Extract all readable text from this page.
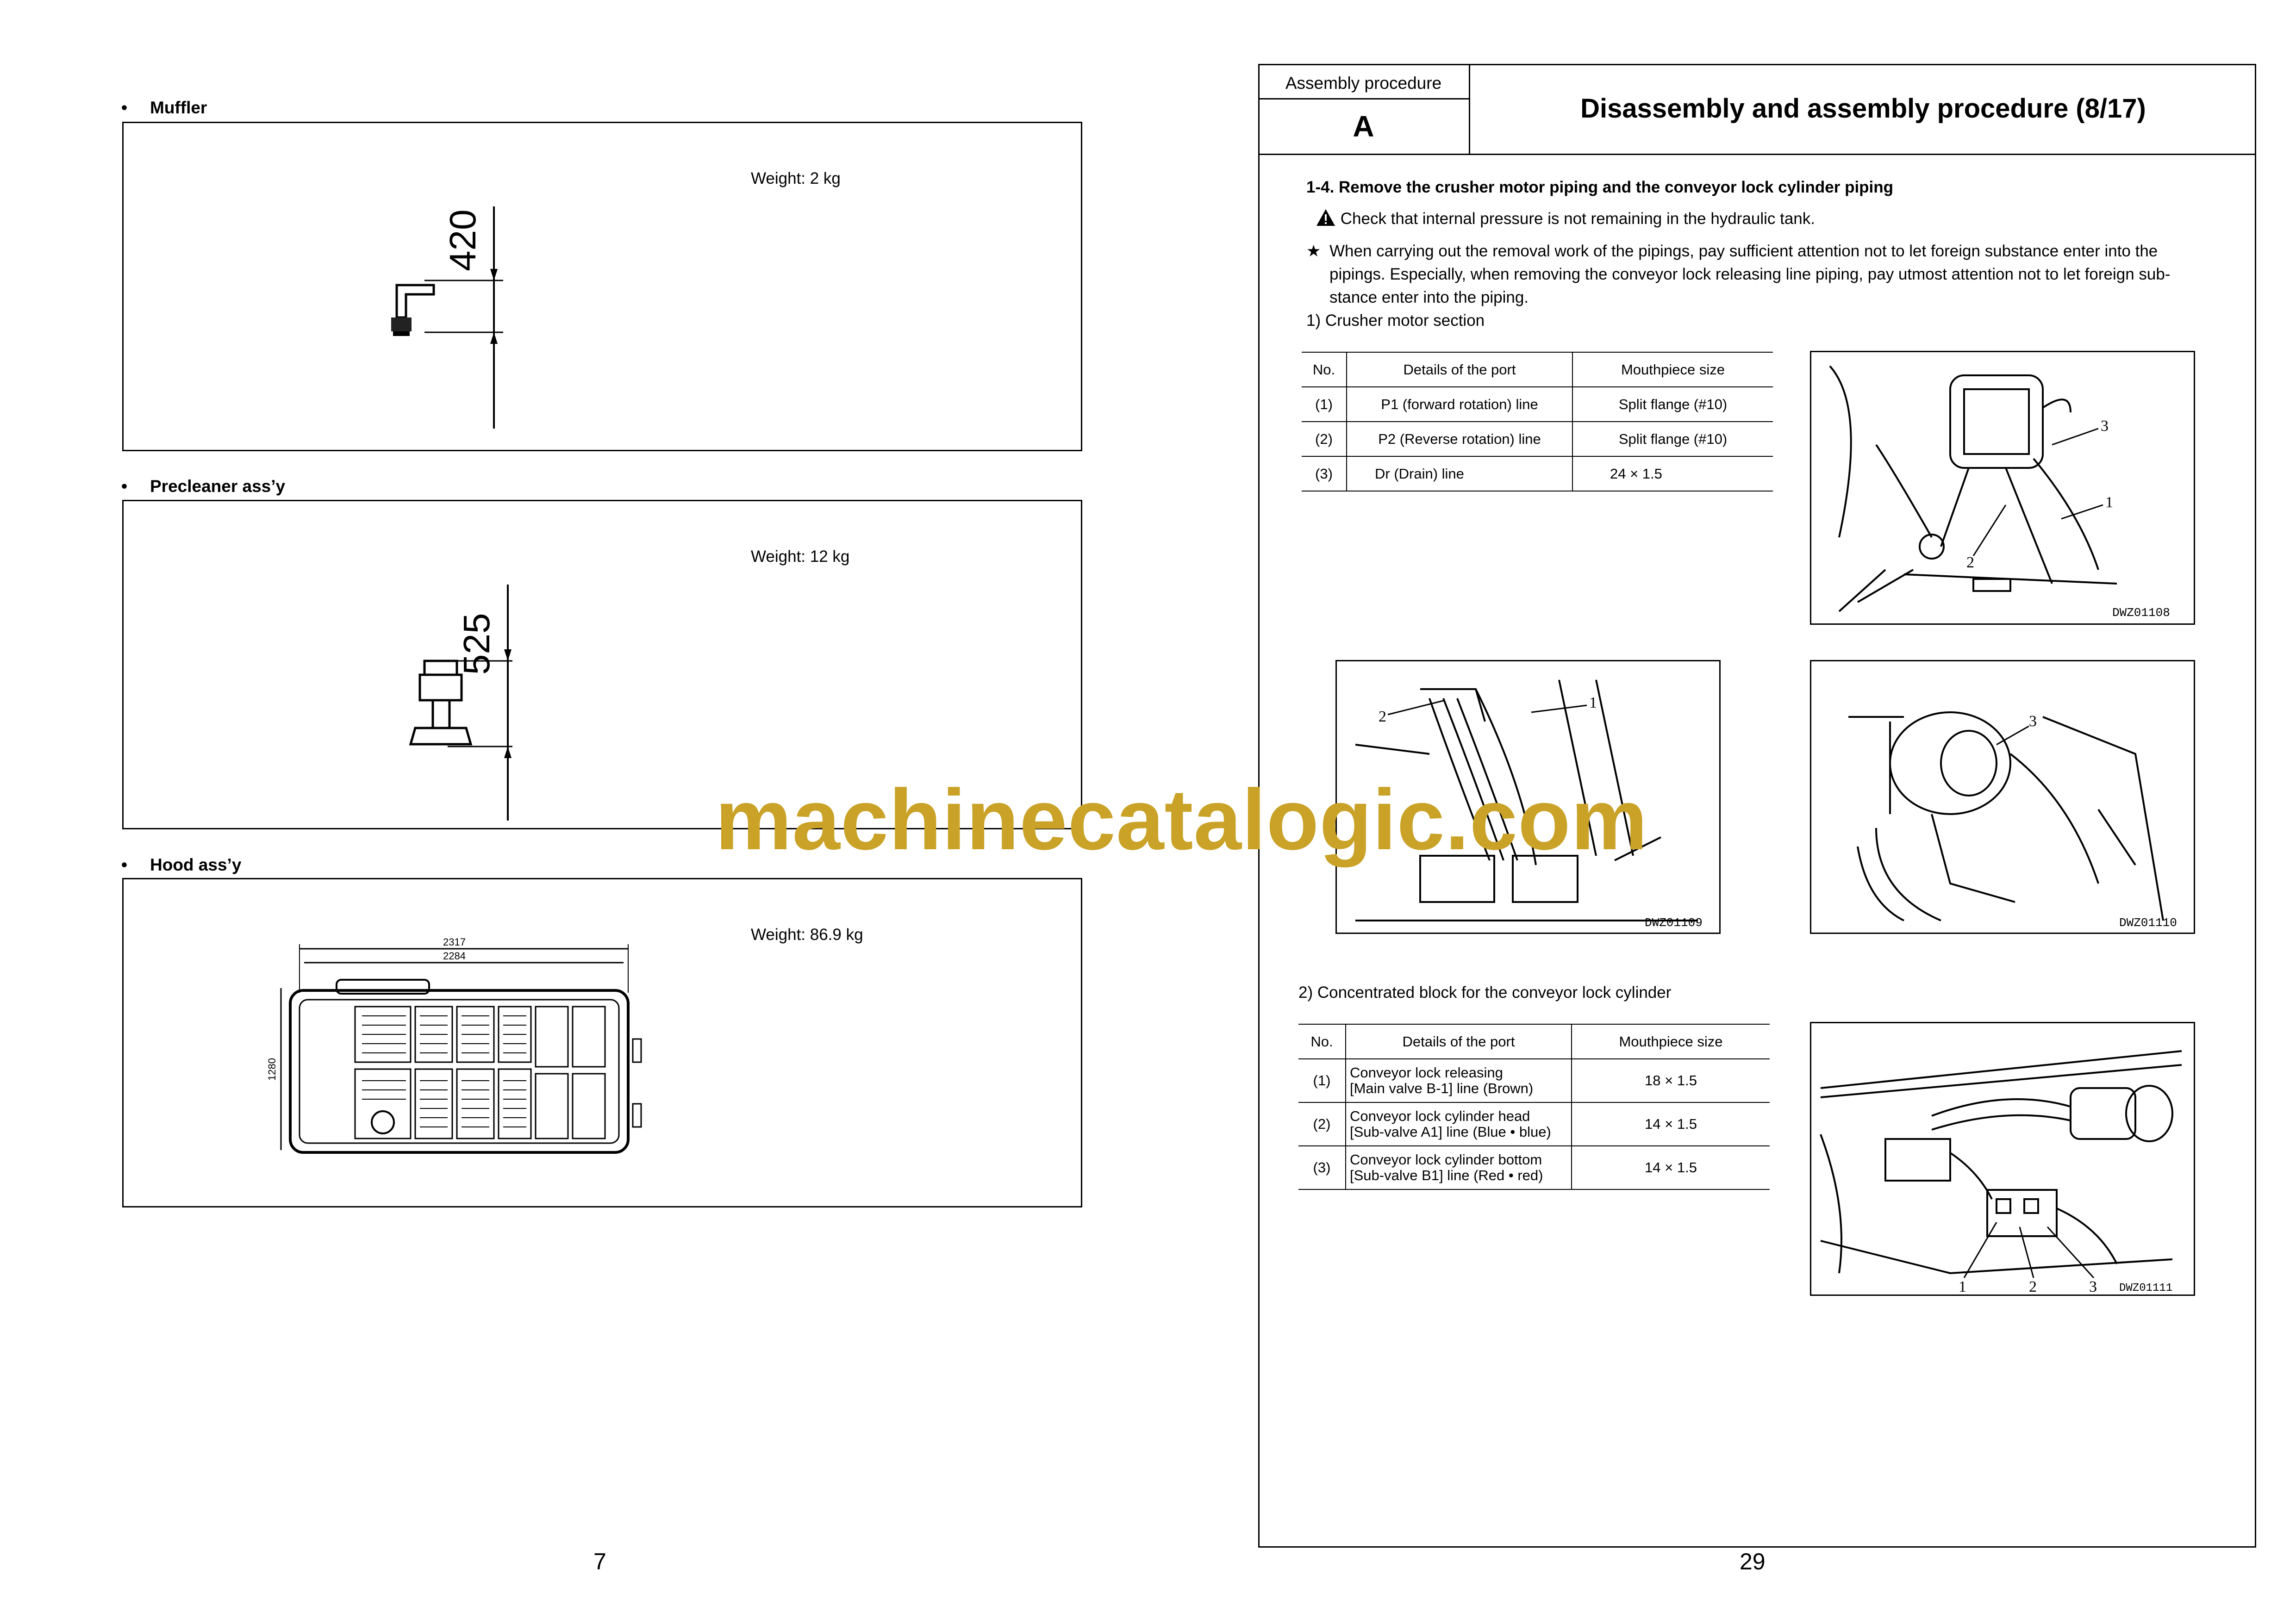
• Muffler
Weight: 2 kg
420
• Precleaner ass’y
Weight: 12 kg
525
• Hood ass’y
Weight: 86.9 kg
2317
2284
1280
7
Assembly procedure
A
Disassembly and assembly procedure (8/17)
1-4. Remove the crusher motor piping and the conveyor lock cylinder piping
Check that internal pressure is not remaining in the hydraulic tank.
★ When carrying out the removal work of the pipings, pay sufficient attention not to let foreign substance enter into the
pipings. Especially, when removing the conveyor lock releasing line piping, pay utmost attention not to let foreign sub-
stance enter into the piping.
1) Crusher motor section
No.	Details of the port	Mouthpiece size
(1)	P1 (forward rotation) line	Split flange (#10)
(2)	P2 (Reverse rotation) line	Split flange (#10)
(3)	Dr (Drain) line	24 × 1.5
3
1
2
DWZ01108
2
1
DWZ01109
3
DWZ01110
2) Concentrated block for the conveyor lock cylinder
No.	Details of the port	Mouthpiece size
(1)	Conveyor lock releasing
[Main valve B-1] line (Brown)	18 × 1.5
(2)	Conveyor lock cylinder head
[Sub-valve A1] line (Blue • blue)	14 × 1.5
(3)	Conveyor lock cylinder bottom
[Sub-valve B1] line (Red • red)	14 × 1.5
1	2	3 DWZ01111
29
machinecatalogic.com
